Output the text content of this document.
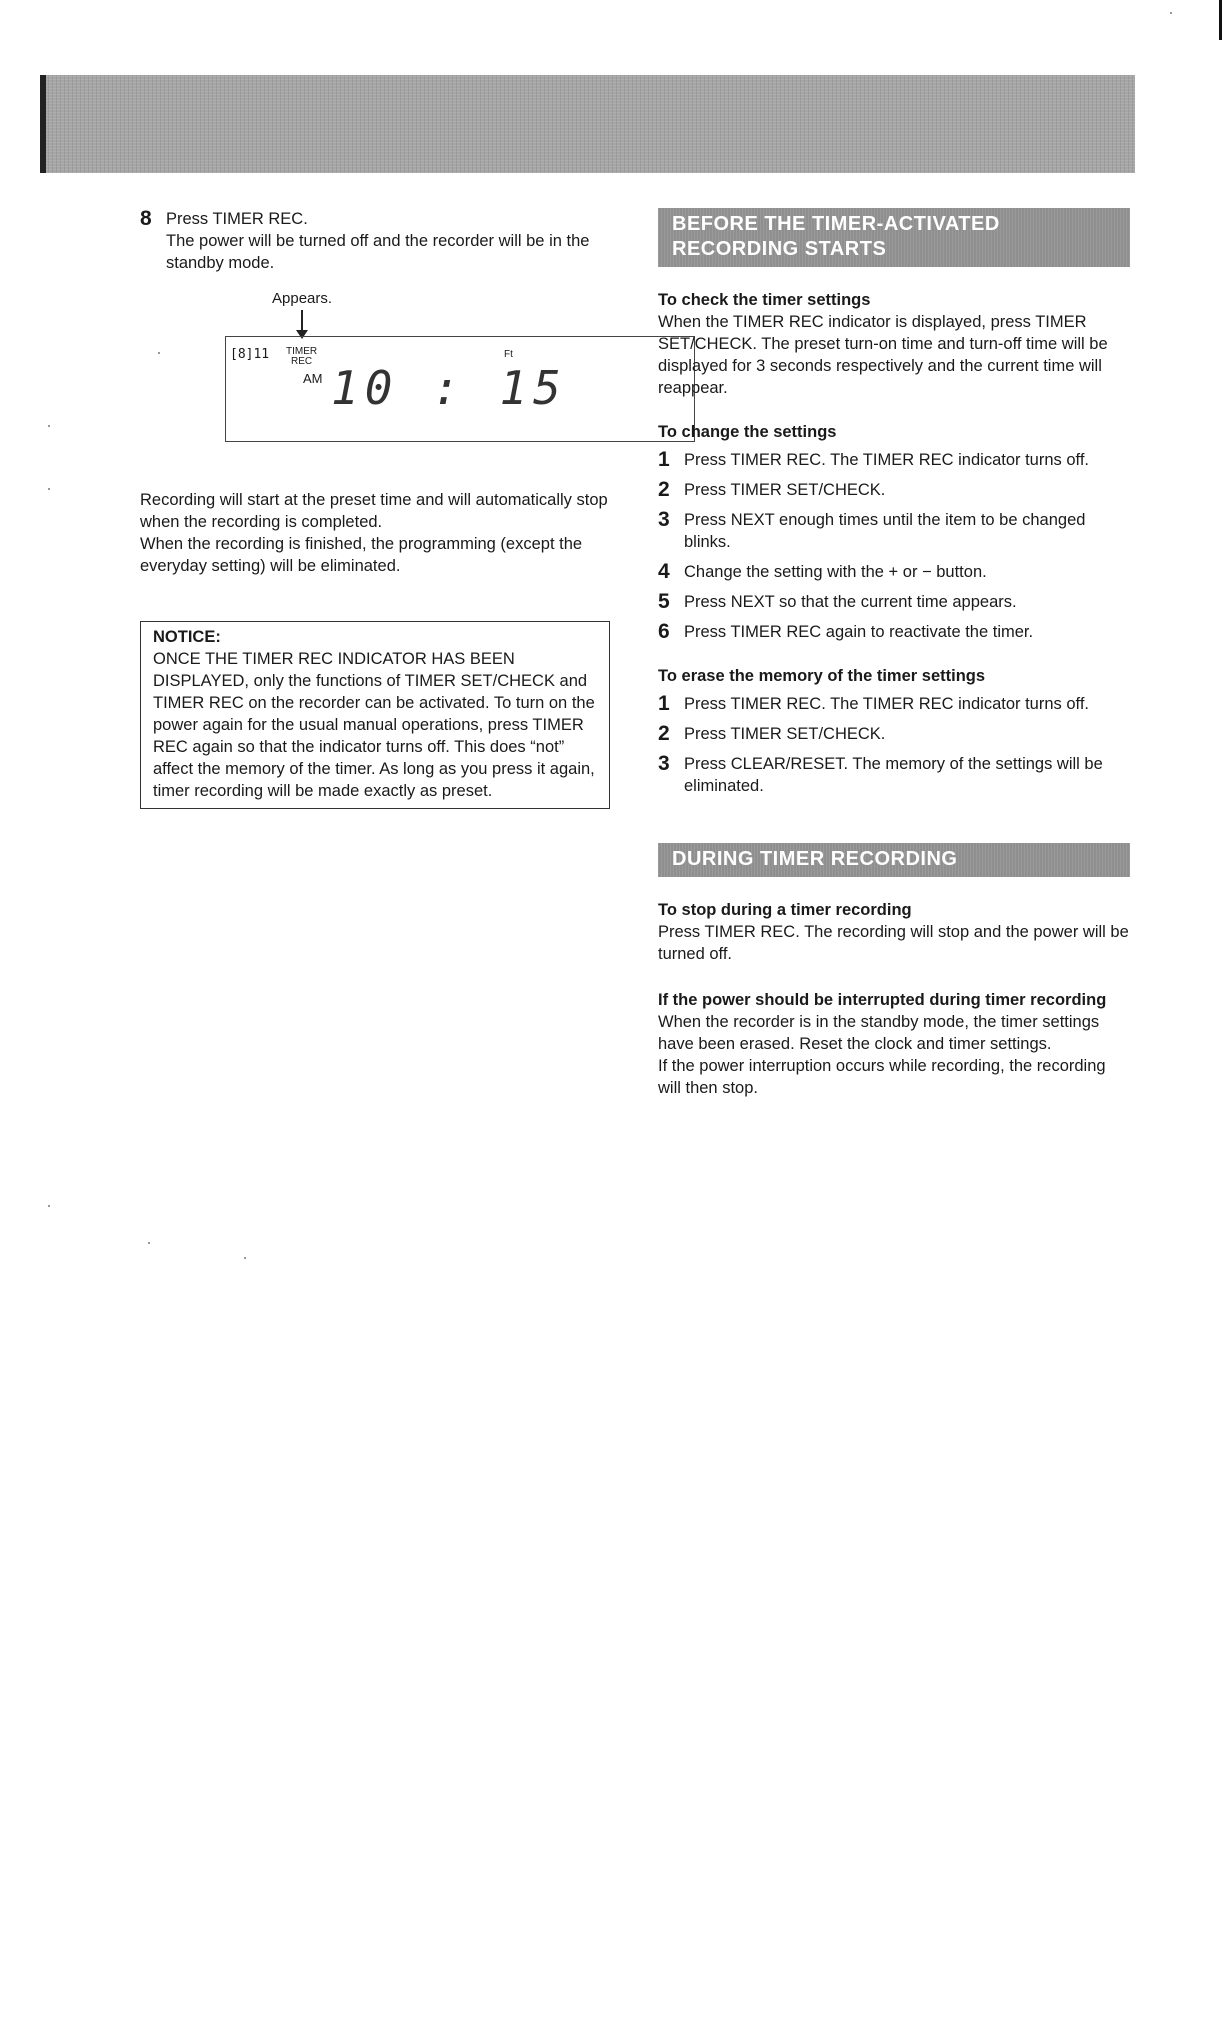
8 Press TIMER REC.
The power will be turned off and the recorder will be in the standby mode.
Appears.
[8]11 TIMER
REC
Ft
AM 10 : 15

Recording will start at the preset time and will automatically stop when the recording is completed.

When the recording is finished, the programming (except the everyday setting) will be eliminated.

NOTICE:

ONCE THE TIMER REC INDICATOR HAS BEEN DISPLAYED, only the functions of TIMER SET/CHECK and TIMER REC on the recorder can be activated. To turn on the power again for the usual manual operations, press TIMER REC again so that the indicator turns off. This does “not” affect the memory of the timer. As long as you press it again, timer recording will be made exactly as preset.

BEFORE THE TIMER-ACTIVATED RECORDING STARTS

To check the timer settings

When the TIMER REC indicator is displayed, press TIMER SET/CHECK. The preset turn-on time and turn-off time will be displayed for 3 seconds respectively and the current time will reappear.

To change the settings

1 Press TIMER REC. The TIMER REC indicator turns off.
2 Press TIMER SET/CHECK.
3 Press NEXT enough times until the item to be changed blinks.
4 Change the setting with the + or − button.
5 Press NEXT so that the current time appears.
6 Press TIMER REC again to reactivate the timer.

To erase the memory of the timer settings

1 Press TIMER REC. The TIMER REC indicator turns off.
2 Press TIMER SET/CHECK.
3 Press CLEAR/RESET. The memory of the settings will be eliminated.
DURING TIMER RECORDING

To stop during a timer recording

Press TIMER REC. The recording will stop and the power will be turned off.

If the power should be interrupted during timer recording

When the recorder is in the standby mode, the timer settings have been erased. Reset the clock and timer settings.

If the power interruption occurs while recording, the recording will then stop.
